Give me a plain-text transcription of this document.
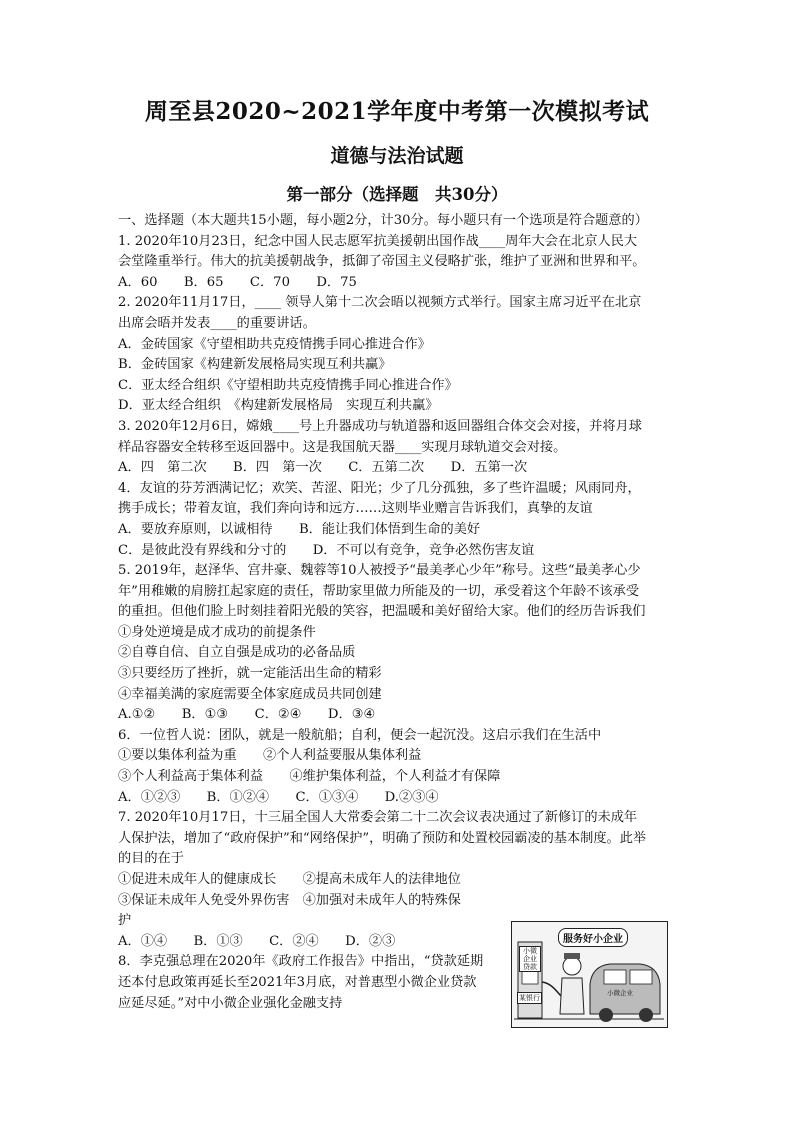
周至县2020~2021学年度中考第一次模拟考试
道德与法治试题
第一部分（选择题　共30分）
一、选择题（本大题共15小题，每小题2分，计30分。每小题只有一个选项是符合题意的）
1. 2020年10月23日，纪念中国人民志愿军抗美援朝出国作战____周年大会在北京人民大
会堂隆重举行。伟大的抗美援朝战争，抵御了帝国主义侵略扩张，维护了亚洲和世界和平。
A．60　　B．65　　C．70　　D．75
2. 2020年11月17日，____ 领导人第十二次会晤以视频方式举行。国家主席习近平在北京
出席会晤并发表____的重要讲话。
A．金砖国家《守望相助共克疫情携手同心推进合作》
B．金砖国家《构建新发展格局实现互利共赢》
C．亚太经合组织《守望相助共克疫情携手同心推进合作》
D．亚太经合组织　《构建新发展格局　实现互利共赢》
3. 2020年12月6日，嫦娥____号上升器成功与轨道器和返回器组合体交会对接，并将月球
样品容器安全转移至返回器中。这是我国航天器____实现月球轨道交会对接。
A．四　第二次　　B．四　第一次　　C．五第二次　　D．五第一次
4．友谊的芬芳洒满记忆；欢笑、苦涩、阳光；少了几分孤独，多了些许温暖；风雨同舟，
携手成长；带着友谊，我们奔向诗和远方……这则毕业赠言告诉我们，真挚的友谊
A．要放弃原则，以诚相待　　B．能让我们体悟到生命的美好
C．是彼此没有界线和分寸的　　D．不可以有竞争，竞争必然伤害友谊
5. 2019年，赵泽华、宫井豪、魏蓉等10人被授予“最美孝心少年”称号。这些“最美孝心少
年”用稚嫩的肩膀扛起家庭的责任，帮助家里做力所能及的一切，承受着这个年龄不该承受
的重担。但他们脸上时刻挂着阳光般的笑容，把温暖和美好留给大家。他们的经历告诉我们
①身处逆境是成才成功的前提条件
②自尊自信、自立自强是成功的必备品质
③只要经历了挫折，就一定能活出生命的精彩
④幸福美满的家庭需要全体家庭成员共同创建
A.①②　　B．①③　　C．②④　　D．③④
6．一位哲人说：团队，就是一般航船；自利，便会一起沉没。这启示我们在生活中
①要以集体利益为重　　②个人利益要服从集体利益
③个人利益高于集体利益　　④维护集体利益，个人利益才有保障
A．①②③　　B．①②④　　C．①③④　　D.②③④
7. 2020年10月17日，十三届全国人大常委会第二十二次会议表决通过了新修订的未成年
人保护法，增加了“政府保护”和“网络保护”，明确了预防和处置校园霸凌的基本制度。此举
的目的在于
①促进未成年人的健康成长　　②提高未成年人的法律地位
③保证未成年人免受外界伤害　④加强对未成年人的特殊保
护
A．①④　　B．①③　　C．②④　　D．②③
8．李克强总理在2020年《政府工作报告》中指出，“贷款延期
还本付息政策再延长至2021年3月底，对普惠型小微企业贷款
应延尽延。”对中小微企业强化金融支持
服务好小企业
小微企业贷款
某银行
小微企业
